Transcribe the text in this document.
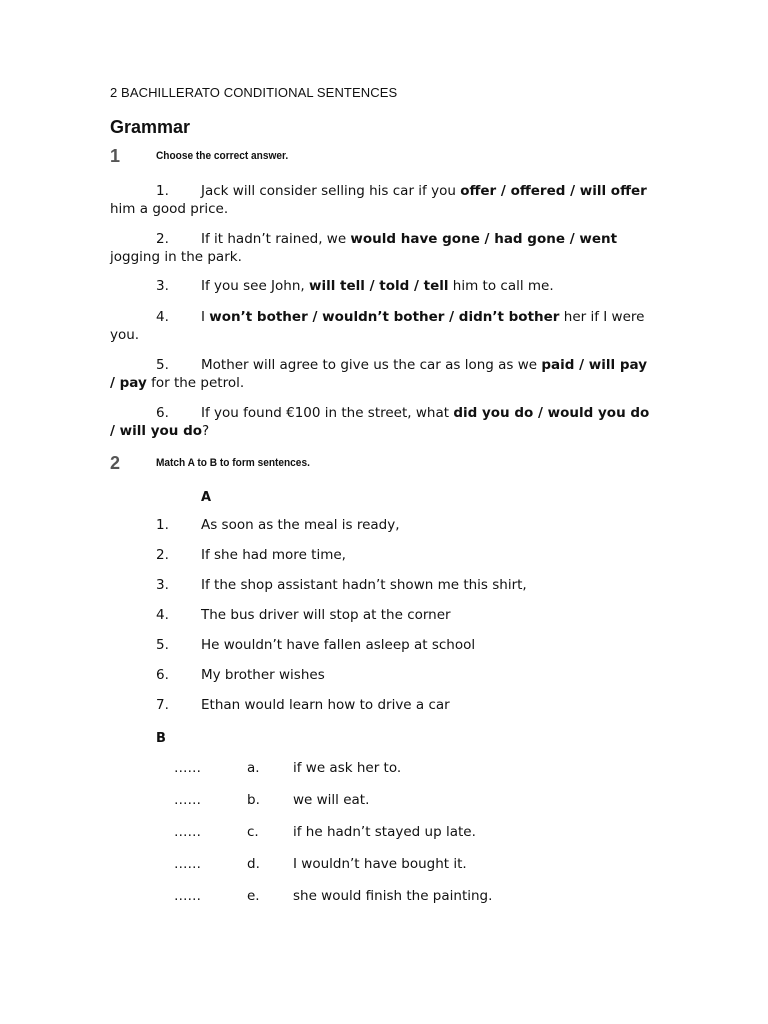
2 BACHILLERATO CONDITIONAL SENTENCES
Grammar
1	Choose the correct answer.
1. Jack will consider selling his car if you offer / offered / will offer him a good price.
2. If it hadn’t rained, we would have gone / had gone / went jogging in the park.
3. If you see John, will tell / told / tell him to call me.
4. I won’t bother / wouldn’t bother / didn’t bother her if I were you.
5. Mother will agree to give us the car as long as we paid / will pay / pay for the petrol.
6. If you found €100 in the street, what did you do / would you do / will you do?
2	Match A to B to form sentences.
A
1. As soon as the meal is ready,
2. If she had more time,
3. If the shop assistant hadn’t shown me this shirt,
4. The bus driver will stop at the corner
5. He wouldn’t have fallen asleep at school
6. My brother wishes
7. Ethan would learn how to drive a car
B
……	a. if we ask her to.
……	b. we will eat.
……	c.	if he hadn’t stayed up late.
……	d. I wouldn’t have bought it.
……	e. she would finish the painting.
